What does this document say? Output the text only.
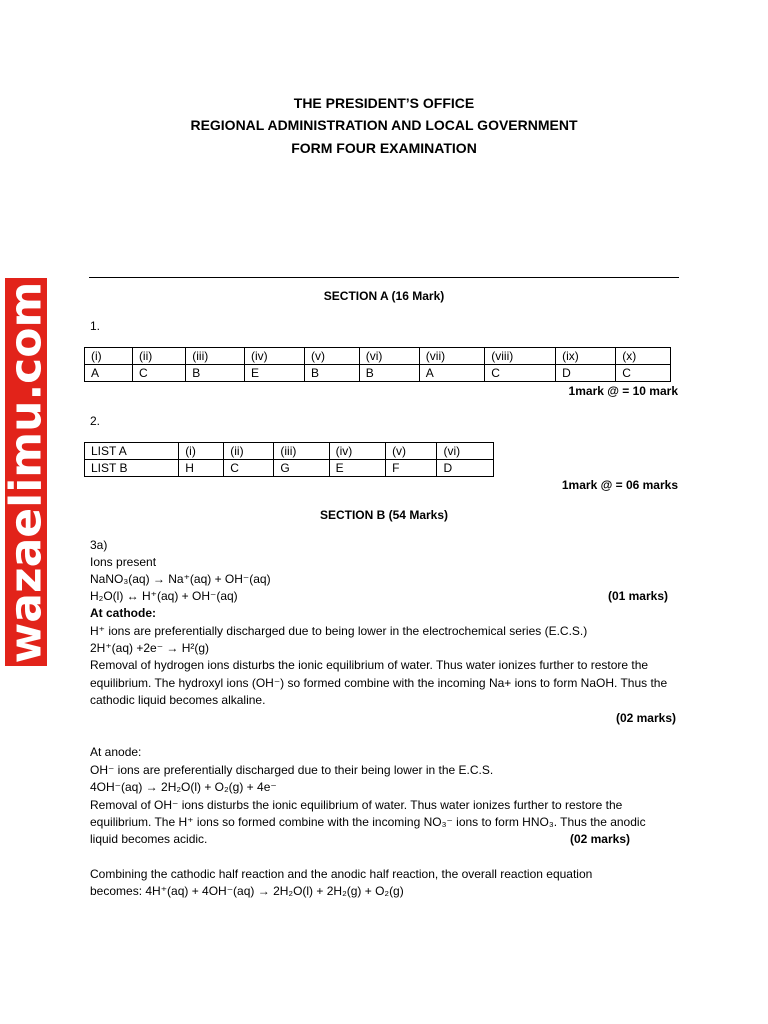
wazaelimu.com
THE PRESIDENT’S OFFICE
REGIONAL ADMINISTRATION AND LOCAL GOVERNMENT
FORM FOUR EXAMINATION
SECTION A (16 Mark)
1.
(i)	(ii)	(iii)	(iv)	(v)	(vi)	(vii)	(viii)	(ix)	(x)
A	C	B	E	B	B	A	C	D	C
1mark @ = 10 mark
2.
LIST A	(i)	(ii)	(iii)	(iv)	(v)	(vi)
LIST B	H	C	G	E	F	D
1mark @ = 06 marks
SECTION B (54 Marks)
3a)
Ions present
NaNO₃(aq) → Na⁺(aq) + OH⁻(aq)
H₂O(l) ↔ H⁺(aq) + OH⁻(aq)	(01 marks)
At cathode:
H⁺ ions are preferentially discharged due to being lower in the electrochemical series (E.C.S.)
2H⁺(aq) +2e⁻ → H²(g)
Removal of hydrogen ions disturbs the ionic equilibrium of water. Thus water ionizes further to restore the equilibrium. The hydroxyl ions (OH⁻) so formed combine with the incoming Na+ ions to form NaOH. Thus the cathodic liquid becomes alkaline.
(02 marks)
At anode:
OH⁻ ions are preferentially discharged due to their being lower in the E.C.S.
4OH⁻(aq) → 2H₂O(l) + O₂(g) + 4e⁻
Removal of OH⁻ ions disturbs the ionic equilibrium of water. Thus water ionizes further to restore the
equilibrium. The H⁺ ions so formed combine with the incoming NO₃⁻ ions to form HNO₃. Thus the anodic
liquid becomes acidic.	(02 marks)
Combining the cathodic half reaction and the anodic half reaction, the overall reaction equation
becomes: 4H⁺(aq) + 4OH⁻(aq) → 2H₂O(l) + 2H₂(g) + O₂(g)
